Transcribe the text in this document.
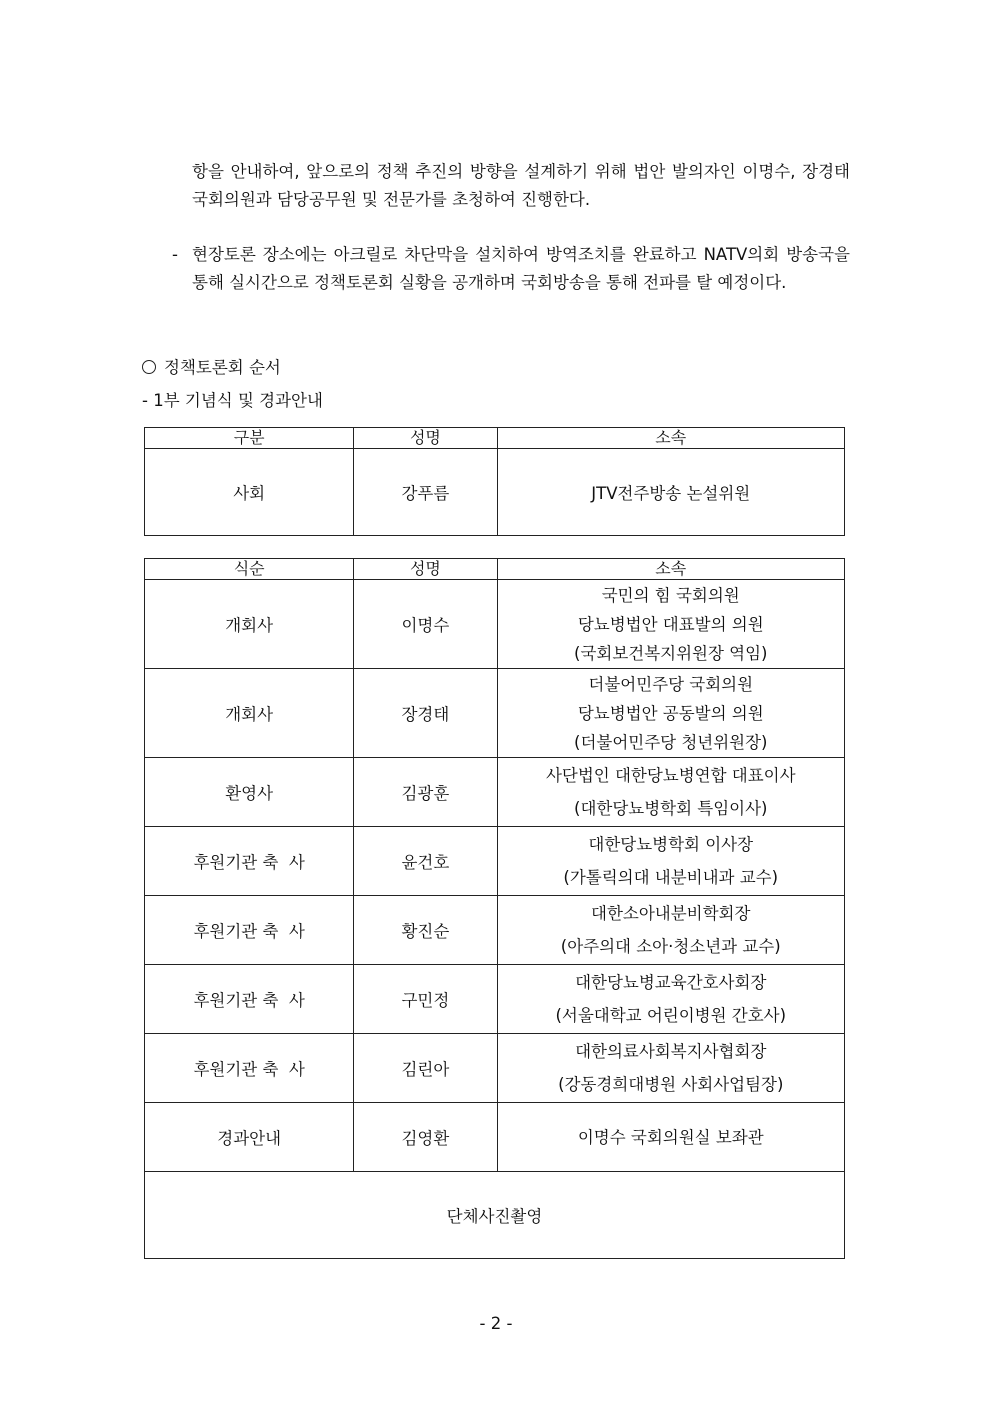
항을 안내하여, 앞으로의 정책 추진의 방향을 설계하기 위해 법안 발의자인 이명수, 장경태 국회의원과 담당공무원 및 전문가를 초청하여 진행한다.
- 현장토론 장소에는 아크릴로 차단막을 설치하여 방역조치를 완료하고 NATV의회 방송국을 통해 실시간으로 정책토론회 실황을 공개하며 국회방송을 통해 전파를 탈 예정이다.
정책토론회 순서
- 1부 기념식 및 경과안내
구분	성명	소속
사회	강푸름	JTV전주방송 논설위원
식순	성명	소속
개회사	이명수	국민의 힘 국회의원
당뇨병법안 대표발의 의원
(국회보건복지위원장 역임)

개회사	장경태	더불어민주당 국회의원
당뇨병법안 공동발의 의원
(더불어민주당 청년위원장)

환영사	김광훈	사단법인 대한당뇨병연합 대표이사
(대한당뇨병학회 특임이사)

후원기관 축  사	윤건호	대한당뇨병학회 이사장
(가톨릭의대 내분비내과 교수)

후원기관 축  사	황진순	대한소아내분비학회장
(아주의대 소아·청소년과 교수)

후원기관 축  사	구민정	대한당뇨병교육간호사회장
(서울대학교 어린이병원 간호사)

후원기관 축  사	김린아	대한의료사회복지사협회장
(강동경희대병원 사회사업팀장)

경과안내	김영환	이명수 국회의원실 보좌관

단체사진촬영		
- 2 -
